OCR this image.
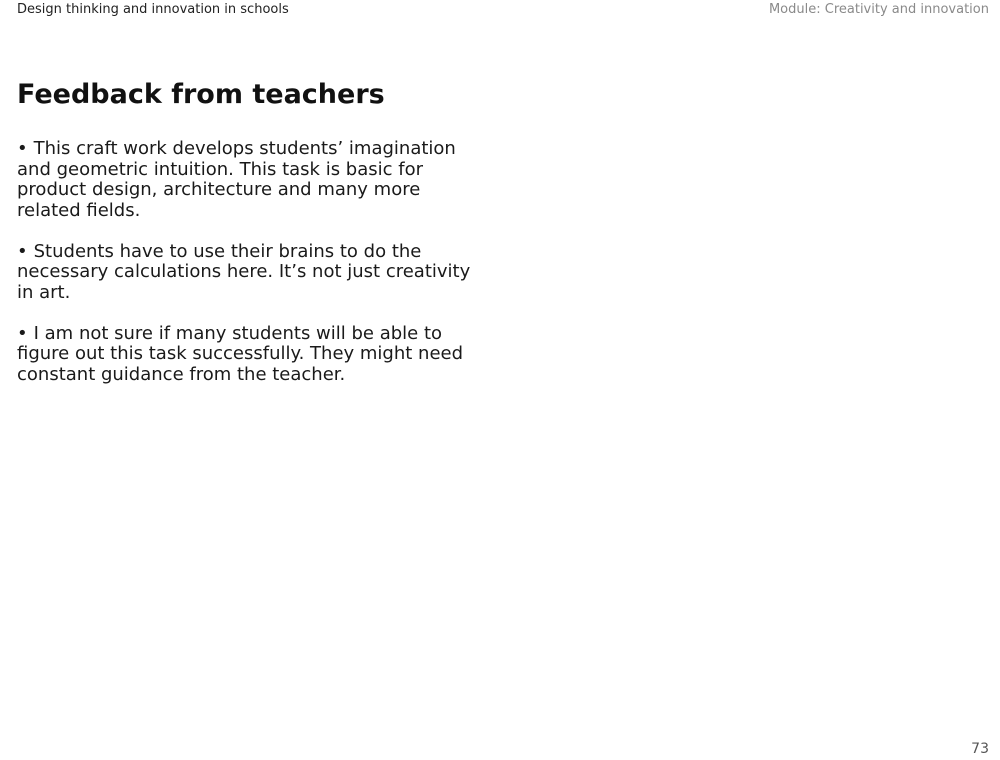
Design thinking and innovation in schools	Module: Creativity and innovation
Feedback from teachers
• This craft work develops students’ imagination and geometric intuition. This task is basic for product design, architecture and many more related fields.
• Students have to use their brains to do the necessary calculations here. It’s not just creativity in art.
• I am not sure if many students will be able to figure out this task successfully. They might need constant guidance from the teacher.
73
